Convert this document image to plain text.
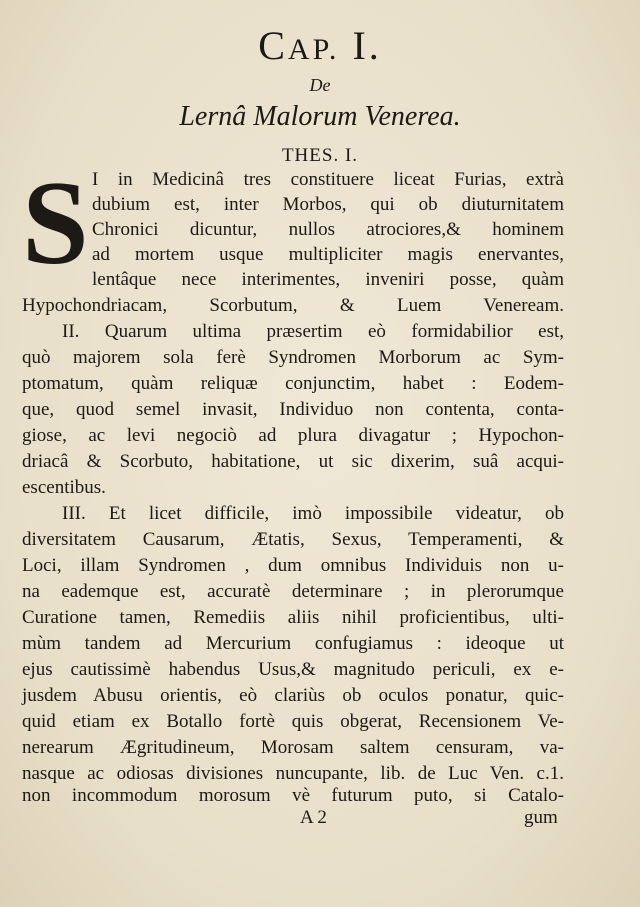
CAP. I.
De
Lernâ Malorum Venerea.
THES. I.
S I in Medicinâ tres constituere liceat Furias, extrà
dubium est, inter Morbos, qui ob diuturnitatem
Chronici dicuntur, nullos atrociores,& hominem
ad mortem usque multipliciter magis enervantes,
lentâque nece interimentes, inveniri posse, quàm
Hypochondriacam, Scorbutum, & Luem Veneream.
II. Quarum ultima præsertim eò formidabilior est,
quò majorem sola ferè Syndromen Morborum ac Sym-
ptomatum, quàm reliquæ conjunctim, habet : Eodem-
que, quod semel invasit, Individuo non contenta, conta-
giose, ac levi negociò ad plura divagatur ; Hypochon-
driacâ & Scorbuto, habitatione, ut sic dixerim, suâ acqui-
escentibus.
III. Et licet difficile, imò impossibile videatur, ob
diversitatem Causarum, Ætatis, Sexus, Temperamenti, &
Loci, illam Syndromen , dum omnibus Individuis non u-
na eademque est, accuratè determinare ; in plerorumque
Curatione tamen, Remediis aliis nihil proficientibus, ulti-
mùm tandem ad Mercurium confugiamus : ideoque ut
ejus cautissimè habendus Usus,& magnitudo periculi, ex e-
jusdem Abusu orientis, eò clariùs ob oculos ponatur, quic-
quid etiam ex Botallo fortè quis obgerat, Recensionem Ve-
nerearum Ægritudineum, Morosam saltem censuram, va-
nasque ac odiosas divisiones nuncupante, lib. de Luc Ven. c.1.
non incommodum morosum vè futurum puto, si Catalo-
A 2	gum
